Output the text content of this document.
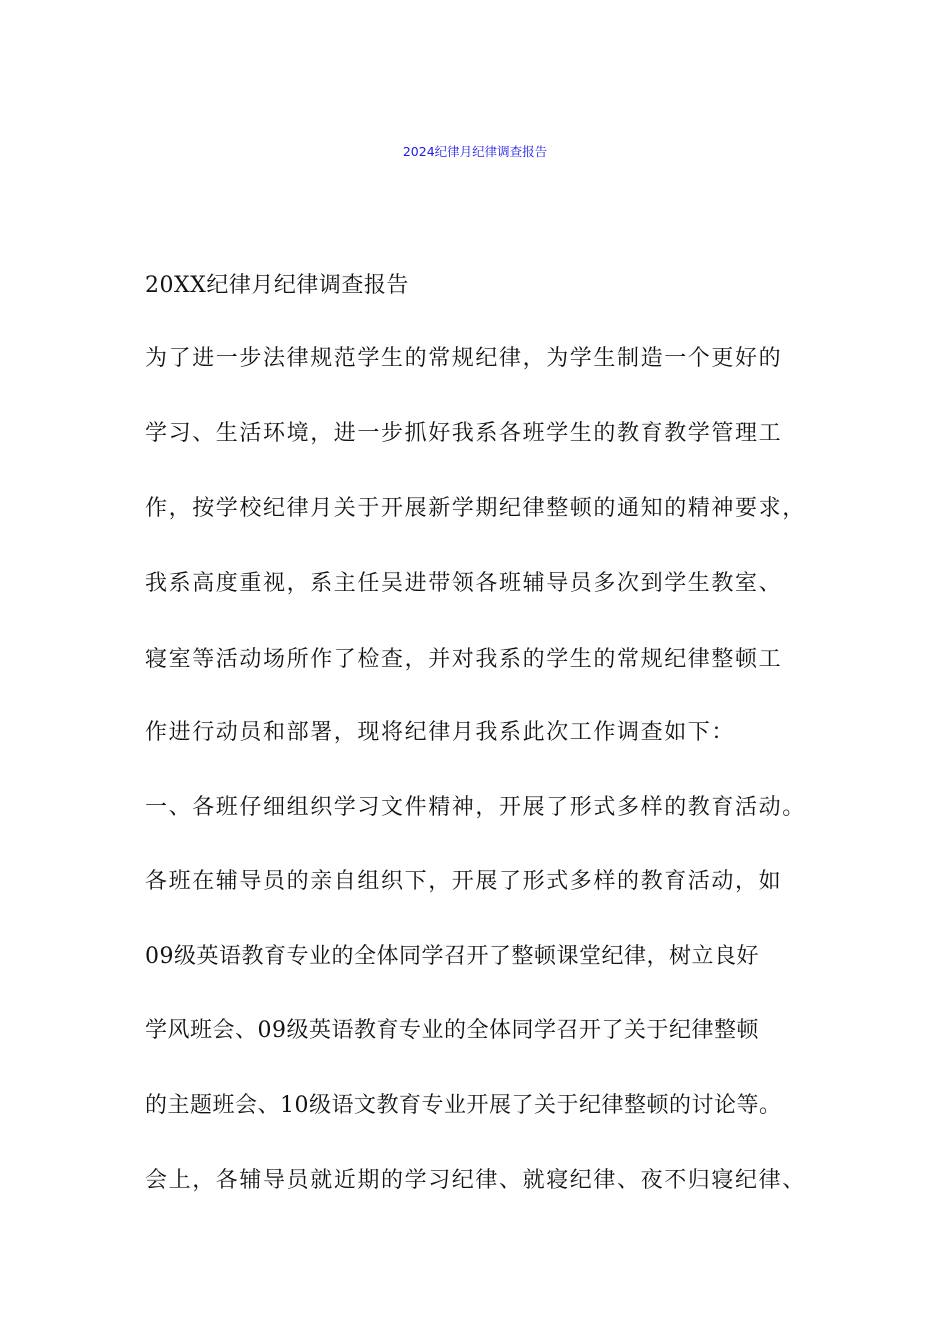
2024纪律月纪律调查报告
20XX纪律月纪律调查报告
为了进一步法律规范学生的常规纪律，为学生制造一个更好的
学习、生活环境，进一步抓好我系各班学生的教育教学管理工
作，按学校纪律月关于开展新学期纪律整顿的通知的精神要求，
我系高度重视，系主任吴进带领各班辅导员多次到学生教室、
寝室等活动场所作了检查，并对我系的学生的常规纪律整顿工
作进行动员和部署，现将纪律月我系此次工作调查如下：
一、各班仔细组织学习文件精神，开展了形式多样的教育活动。
各班在辅导员的亲自组织下，开展了形式多样的教育活动，如
09级英语教育专业的全体同学召开了整顿课堂纪律，树立良好
学风班会、09级英语教育专业的全体同学召开了关于纪律整顿
的主题班会、10级语文教育专业开展了关于纪律整顿的讨论等。
会上，各辅导员就近期的学习纪律、就寝纪律、夜不归寝纪律、
